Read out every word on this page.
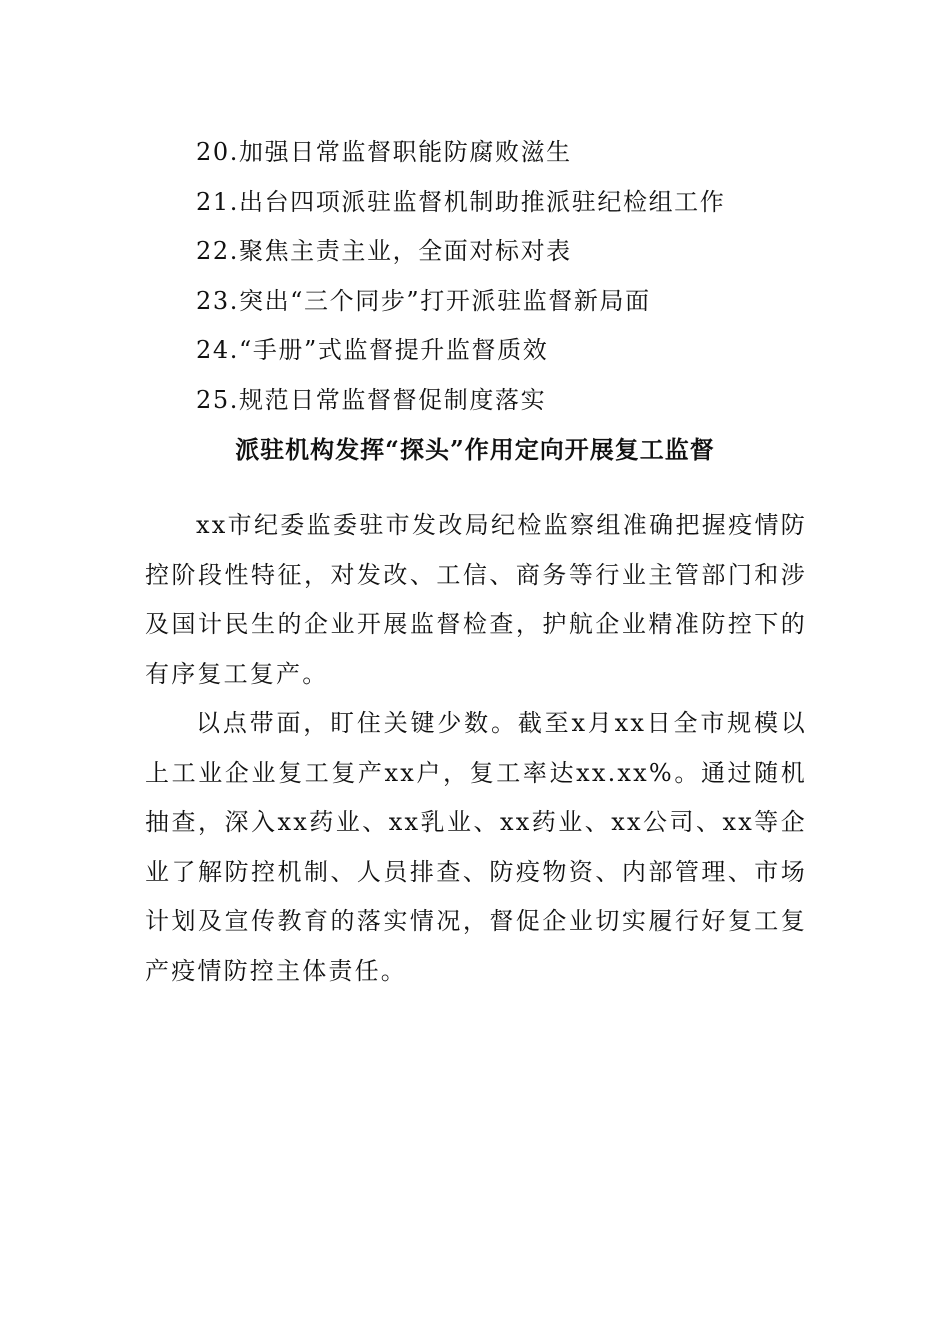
20.加强日常监督职能防腐败滋生
21.出台四项派驻监督机制助推派驻纪检组工作
22.聚焦主责主业，全面对标对表
23.突出“三个同步”打开派驻监督新局面
24.“手册”式监督提升监督质效
25.规范日常监督督促制度落实
派驻机构发挥“探头”作用定向开展复工监督

xx市纪委监委驻市发改局纪检监察组准确把握疫情防控阶段性特征，对发改、工信、商务等行业主管部门和涉及国计民生的企业开展监督检查，护航企业精准防控下的有序复工复产。

以点带面，盯住关键少数。截至x月xx日全市规模以上工业企业复工复产xx户，复工率达xx.xx%。通过随机抽查，深入xx药业、xx乳业、xx药业、xx公司、xx等企业了解防控机制、人员排查、防疫物资、内部管理、市场计划及宣传教育的落实情况，督促企业切实履行好复工复产疫情防控主体责任。
